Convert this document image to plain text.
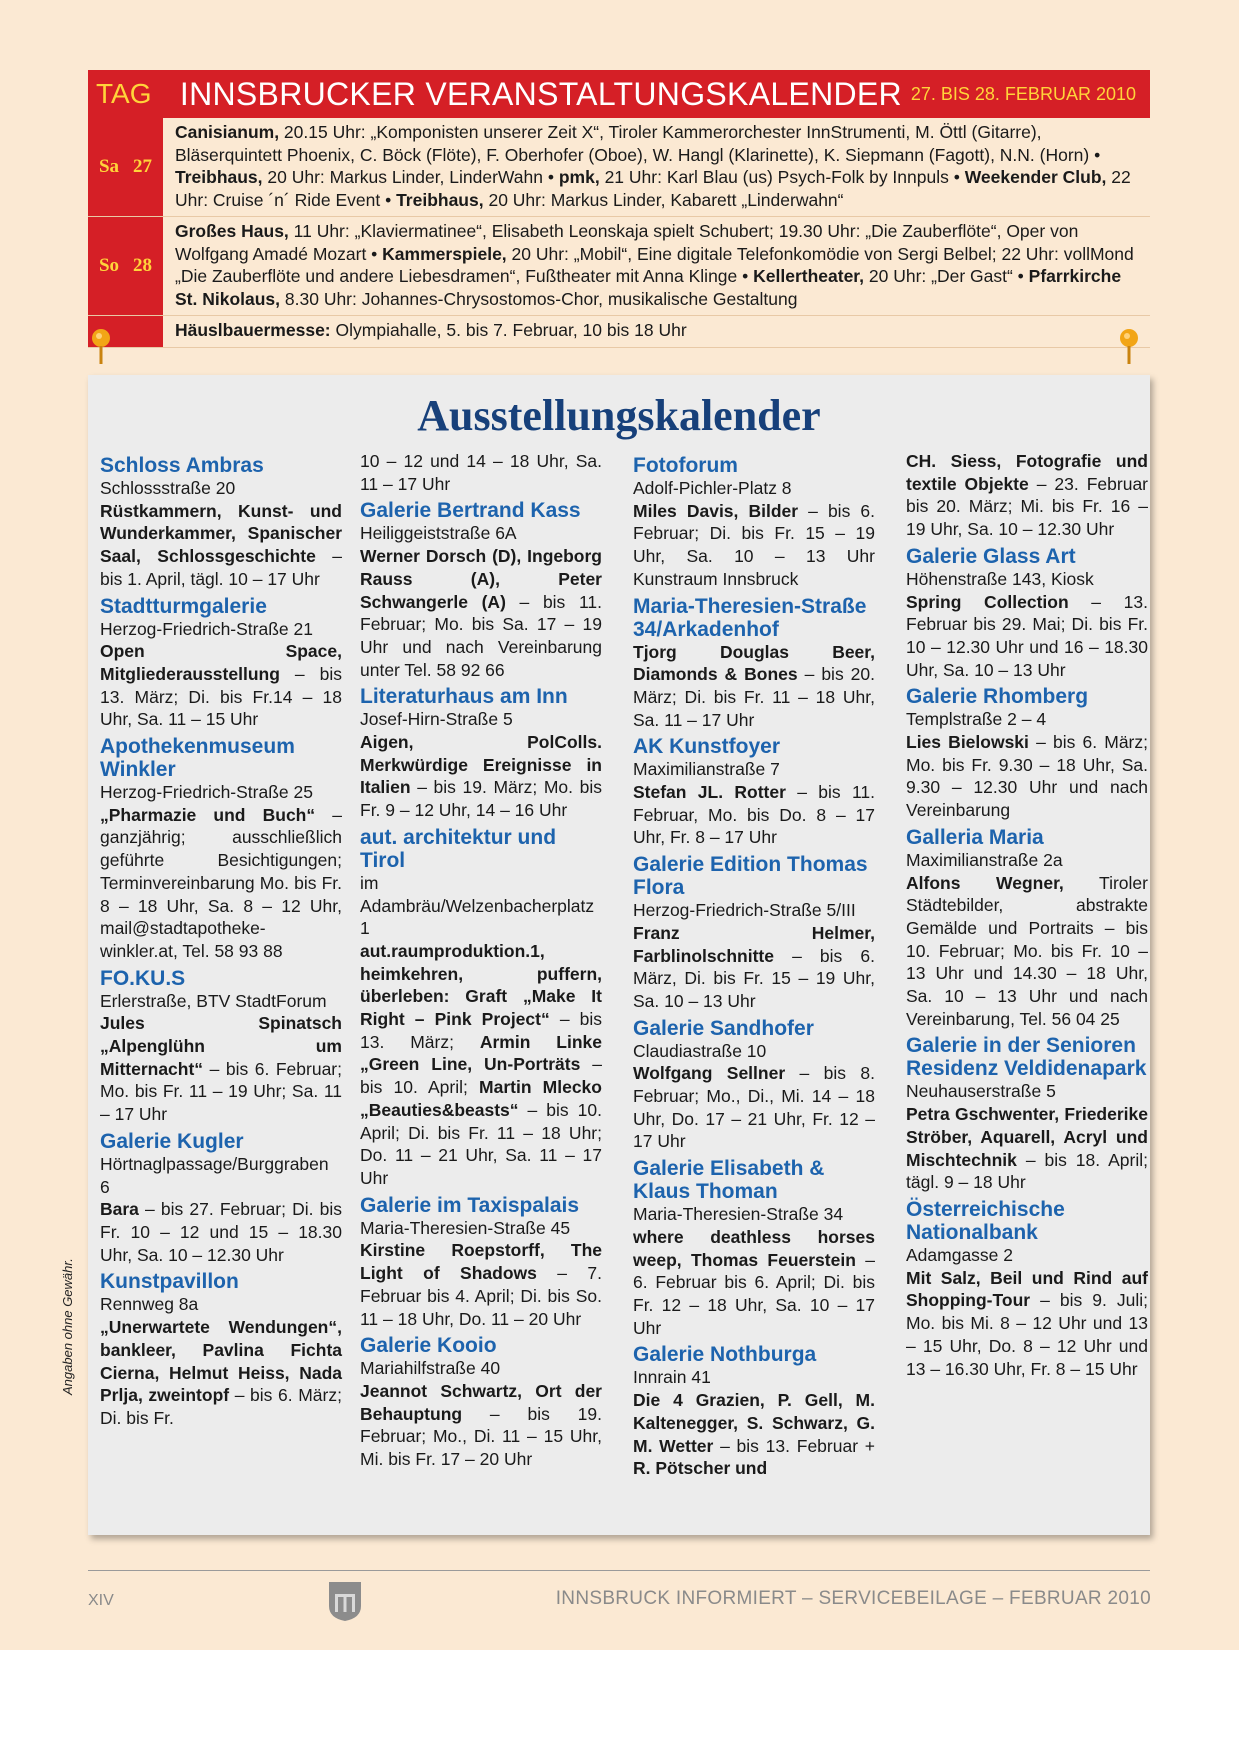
TAG INNSBRUCKER VERANSTALTUNGSKALENDER 27. BIS 28. FEBRUAR 2010
Sa 27
Canisianum, 20.15 Uhr: „Komponisten unserer Zeit X“, Tiroler Kammerorchester InnStrumenti, M. Öttl (Gitarre), Bläserquintett Phoenix, C. Böck (Flöte), F. Oberhofer (Oboe), W. Hangl (Klarinette), K. Siepmann (Fagott), N.N. (Horn) • Treibhaus, 20 Uhr: Markus Linder, LinderWahn • pmk, 21 Uhr: Karl Blau (us) Psych-Folk by Innpuls • Weekender Club, 22 Uhr: Cruise ´n´ Ride Event • Treibhaus, 20 Uhr: Markus Linder, Kabarett „Linderwahn“
So 28
Großes Haus, 11 Uhr: „Klaviermatinee“, Elisabeth Leonskaja spielt Schubert; 19.30 Uhr: „Die Zauberflöte“, Oper von Wolfgang Amadé Mozart • Kammerspiele, 20 Uhr: „Mobil“, Eine digitale Telefonkomödie von Sergi Belbel; 22 Uhr: vollMond „Die Zauberflöte und andere Liebesdramen“, Fußtheater mit Anna Klinge • Kellertheater, 20 Uhr: „Der Gast“ • Pfarrkirche St. Nikolaus, 8.30 Uhr: Johannes-Chrysostomos-Chor, musikalische Gestaltung
Häuslbauermesse: Olympiahalle, 5. bis 7. Februar, 10 bis 18 Uhr
Ausstellungskalender
Schloss Ambras

Schlossstraße 20

Rüstkammern, Kunst- und Wunderkammer, Spanischer Saal, Schlossgeschichte – bis 1. April, tägl. 10 – 17 Uhr

Stadtturmgalerie

Herzog-Friedrich-Straße 21

Open Space, Mitgliederausstellung – bis 13. März; Di. bis Fr.14 – 18 Uhr, Sa. 11 – 15 Uhr

Apothekenmuseum Winkler

Herzog-Friedrich-Straße 25

„Pharmazie und Buch“ – ganzjährig; ausschließlich geführte Besichtigungen; Terminvereinbarung Mo. bis Fr. 8 – 18 Uhr, Sa. 8 – 12 Uhr, mail@stadtapotheke-winkler.at, Tel. 58 93 88

FO.KU.S

Erlerstraße, BTV StadtForum

Jules Spinatsch „Alpenglühn um Mitternacht“ – bis 6. Februar; Mo. bis Fr. 11 – 19 Uhr; Sa. 11 – 17 Uhr

Galerie Kugler

Hörtnaglpassage/Burggraben 6

Bara – bis 27. Februar; Di. bis Fr. 10 – 12 und 15 – 18.30 Uhr, Sa. 10 – 12.30 Uhr

Kunstpavillon

Rennweg 8a

„Unerwartete Wendungen“, bankleer, Pavlina Fichta Cierna, Helmut Heiss, Nada Prlja, zweintopf – bis 6. März; Di. bis Fr.

10 – 12 und 14 – 18 Uhr, Sa. 11 – 17 Uhr

Galerie Bertrand Kass

Heiliggeiststraße 6A

Werner Dorsch (D), Ingeborg Rauss (A), Peter Schwangerle (A) – bis 11. Februar; Mo. bis Sa. 17 – 19 Uhr und nach Vereinbarung unter Tel. 58 92 66

Literaturhaus am Inn

Josef-Hirn-Straße 5

Aigen, PolColls. Merkwürdige Ereignisse in Italien – bis 19. März; Mo. bis Fr. 9 – 12 Uhr, 14 – 16 Uhr

aut. architektur und Tirol

im Adambräu/Welzenbacherplatz 1

aut.raumproduktion.1, heimkehren, puffern, überleben: Graft „Make It Right – Pink Project“ – bis 13. März; Armin Linke „Green Line, Un-Porträts – bis 10. April; Martin Mlecko „Beauties&beasts“ – bis 10. April; Di. bis Fr. 11 – 18 Uhr; Do. 11 – 21 Uhr, Sa. 11 – 17 Uhr

Galerie im Taxispalais

Maria-Theresien-Straße 45

Kirstine Roepstorff, The Light of Shadows – 7. Februar bis 4. April; Di. bis So. 11 – 18 Uhr, Do. 11 – 20 Uhr

Galerie Kooio

Mariahilfstraße 40

Jeannot Schwartz, Ort der Behauptung – bis 19. Februar; Mo., Di. 11 – 15 Uhr, Mi. bis Fr. 17 – 20 Uhr

Fotoforum

Adolf-Pichler-Platz 8

Miles Davis, Bilder – bis 6. Februar; Di. bis Fr. 15 – 19 Uhr, Sa. 10 – 13 Uhr Kunstraum Innsbruck

Maria-Theresien-Straße 34/Arkadenhof

Tjorg Douglas Beer, Diamonds & Bones – bis 20. März; Di. bis Fr. 11 – 18 Uhr, Sa. 11 – 17 Uhr

AK Kunstfoyer

Maximilianstraße 7

Stefan JL. Rotter – bis 11. Februar, Mo. bis Do. 8 – 17 Uhr, Fr. 8 – 17 Uhr

Galerie Edition Thomas Flora

Herzog-Friedrich-Straße 5/III

Franz Helmer, Farblinolschnitte – bis 6. März, Di. bis Fr. 15 – 19 Uhr, Sa. 10 – 13 Uhr

Galerie Sandhofer

Claudiastraße 10

Wolfgang Sellner – bis 8. Februar; Mo., Di., Mi. 14 – 18 Uhr, Do. 17 – 21 Uhr, Fr. 12 – 17 Uhr

Galerie Elisabeth & Klaus Thoman

Maria-Theresien-Straße 34

where deathless horses weep, Thomas Feuerstein – 6. Februar bis 6. April; Di. bis Fr. 12 – 18 Uhr, Sa. 10 – 17 Uhr

Galerie Nothburga

Innrain 41

Die 4 Grazien, P. Gell, M. Kaltenegger, S. Schwarz, G. M. Wetter – bis 13. Februar + R. Pötscher und

CH. Siess, Fotografie und textile Objekte – 23. Februar bis 20. März; Mi. bis Fr. 16 – 19 Uhr, Sa. 10 – 12.30 Uhr

Galerie Glass Art

Höhenstraße 143, Kiosk

Spring Collection – 13. Februar bis 29. Mai; Di. bis Fr. 10 – 12.30 Uhr und 16 – 18.30 Uhr, Sa. 10 – 13 Uhr

Galerie Rhomberg

Templstraße 2 – 4

Lies Bielowski – bis 6. März; Mo. bis Fr. 9.30 – 18 Uhr, Sa. 9.30 – 12.30 Uhr und nach Vereinbarung

Galleria Maria

Maximilianstraße 2a

Alfons Wegner, Tiroler Städtebilder, abstrakte Gemälde und Portraits – bis 10. Februar; Mo. bis Fr. 10 – 13 Uhr und 14.30 – 18 Uhr, Sa. 10 – 13 Uhr und nach Vereinbarung, Tel. 56 04 25

Galerie in der Senioren Residenz Veldidenapark

Neuhauserstraße 5

Petra Gschwenter, Friederike Ströber, Aquarell, Acryl und Mischtechnik – bis 18. April; tägl. 9 – 18 Uhr

Österreichische Nationalbank

Adamgasse 2

Mit Salz, Beil und Rind auf Shopping-Tour – bis 9. Juli; Mo. bis Mi. 8 – 12 Uhr und 13 – 15 Uhr, Do. 8 – 12 Uhr und 13 – 16.30 Uhr, Fr. 8 – 15 Uhr

Angaben ohne Gewähr.
XIV	INNSBRUCK INFORMIERT – SERVICEBEILAGE – FEBRUAR 2010
